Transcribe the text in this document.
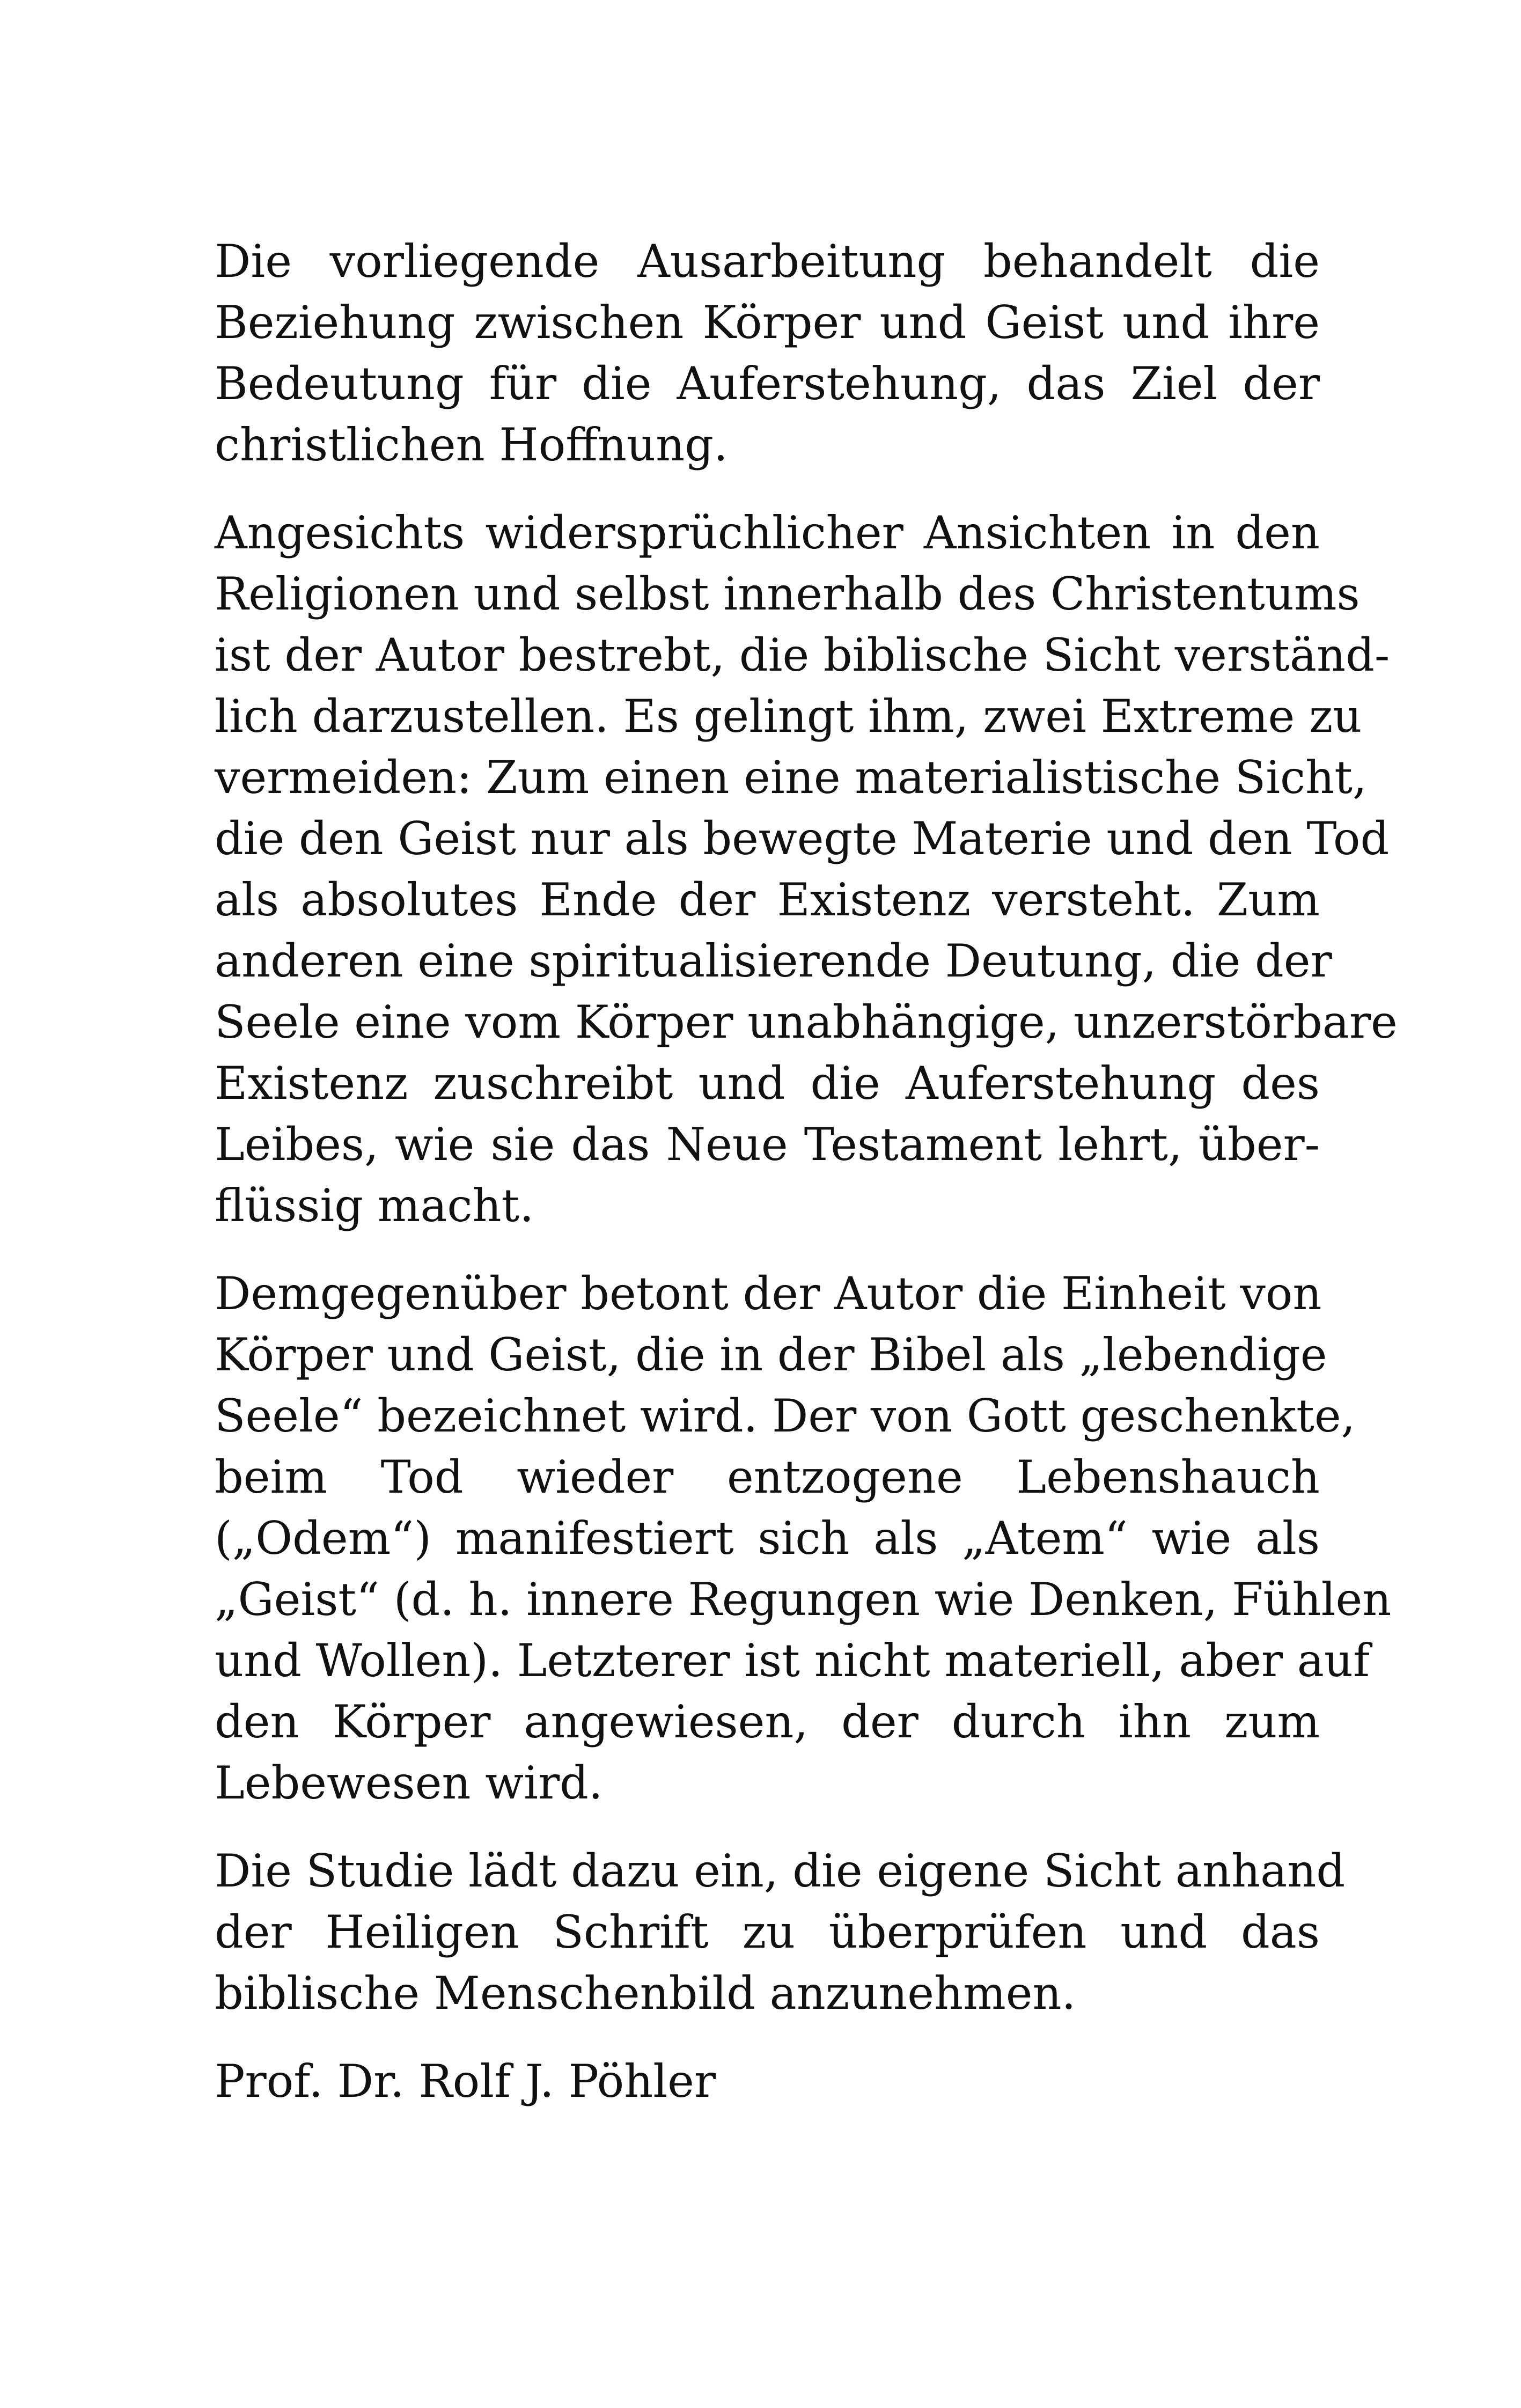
Die vorliegende Ausarbeitung behandelt die
Beziehung zwischen Körper und Geist und ihre
Bedeutung für die Auferstehung, das Ziel der
christlichen Hoffnung.

Angesichts widersprüchlicher Ansichten in den
Religionen und selbst innerhalb des Christentums
ist der Autor bestrebt, die biblische Sicht verständ-
lich darzustellen. Es gelingt ihm, zwei Extreme zu
vermeiden: Zum einen eine materialistische Sicht,
die den Geist nur als bewegte Materie und den Tod
als absolutes Ende der Existenz versteht. Zum
anderen eine spiritualisierende Deutung, die der
Seele eine vom Körper unabhängige, unzerstörbare
Existenz zuschreibt und die Auferstehung des
Leibes, wie sie das Neue Testament lehrt, über-
flüssig macht.

Demgegenüber betont der Autor die Einheit von
Körper und Geist, die in der Bibel als „lebendige
Seele“ bezeichnet wird. Der von Gott geschenkte,
beim Tod wieder entzogene Lebenshauch
(„Odem“) manifestiert sich als „Atem“ wie als
„Geist“ (d. h. innere Regungen wie Denken, Fühlen
und Wollen). Letzterer ist nicht materiell, aber auf
den Körper angewiesen, der durch ihn zum
Lebewesen wird.

Die Studie lädt dazu ein, die eigene Sicht anhand
der Heiligen Schrift zu überprüfen und das
biblische Menschenbild anzunehmen.

Prof. Dr. Rolf J. Pöhler
